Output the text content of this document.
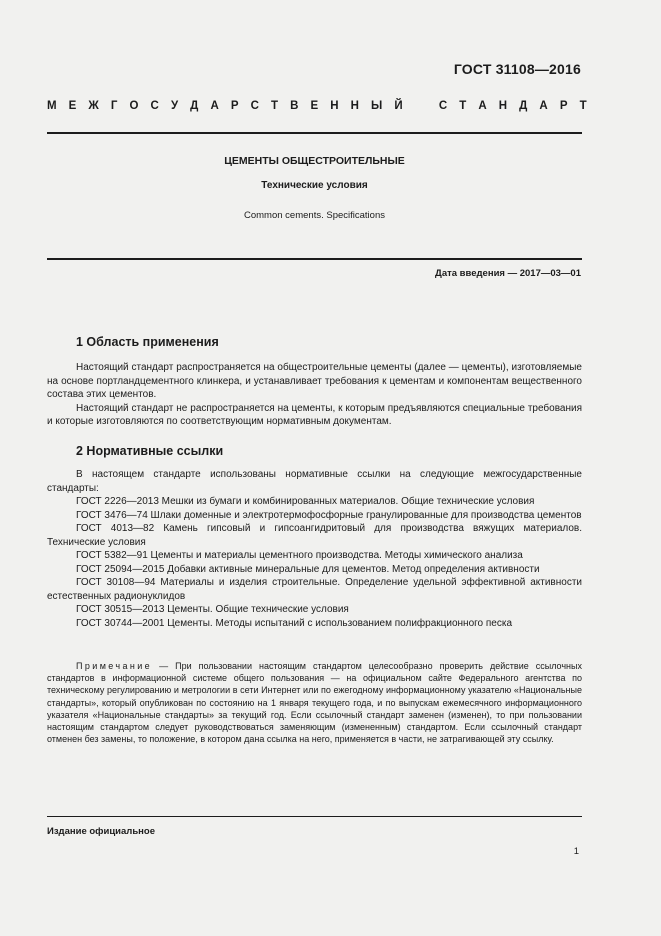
ГОСТ 31108—2016
М Е Ж Г О С У Д А Р С Т В Е Н Н Ы Й	С Т А Н Д А Р Т
ЦЕМЕНТЫ ОБЩЕСТРОИТЕЛЬНЫЕ
Технические условия
Common cements. Specifications
Дата введения — 2017—03—01
1 Область применения

Настоящий стандарт распространяется на общестроительные цементы (далее — цементы), изготовляемые на основе портландцементного клинкера, и устанавливает требования к цементам и компонентам вещественного состава этих цементов.

Настоящий стандарт не распространяется на цементы, к которым предъявляются специальные требования и которые изготовляются по соответствующим нормативным документам.

2 Нормативные ссылки

В настоящем стандарте использованы нормативные ссылки на следующие межгосударственные стандарты:

ГОСТ 2226—2013 Мешки из бумаги и комбинированных материалов. Общие технические условия

ГОСТ 3476—74 Шлаки доменные и электротермофосфорные гранулированные для производства цементов

ГОСТ 4013—82 Камень гипсовый и гипсоангидритовый для производства вяжущих материалов. Технические условия

ГОСТ 5382—91 Цементы и материалы цементного производства. Методы химического анализа

ГОСТ 25094—2015 Добавки активные минеральные для цементов. Метод определения активности

ГОСТ 30108—94 Материалы и изделия строительные. Определение удельной эффективной активности естественных радионуклидов

ГОСТ 30515—2013 Цементы. Общие технические условия

ГОСТ 30744—2001 Цементы. Методы испытаний с использованием полифракционного песка

Примечание — При пользовании настоящим стандартом целесообразно проверить действие ссылочных стандартов в информационной системе общего пользования — на официальном сайте Федерального агентства по техническому регулированию и метрологии в сети Интернет или по ежегодному информационному указателю «Национальные стандарты», который опубликован по состоянию на 1 января текущего года, и по выпускам ежемесячного информационного указателя «Национальные стандарты» за текущий год. Если ссылочный стандарт заменен (изменен), то при пользовании настоящим стандартом следует руководствоваться заменяющим (измененным) стандартом. Если ссылочный стандарт отменен без замены, то положение, в котором дана ссылка на него, применяется в части, не затрагивающей эту ссылку.

Издание официальное
1
